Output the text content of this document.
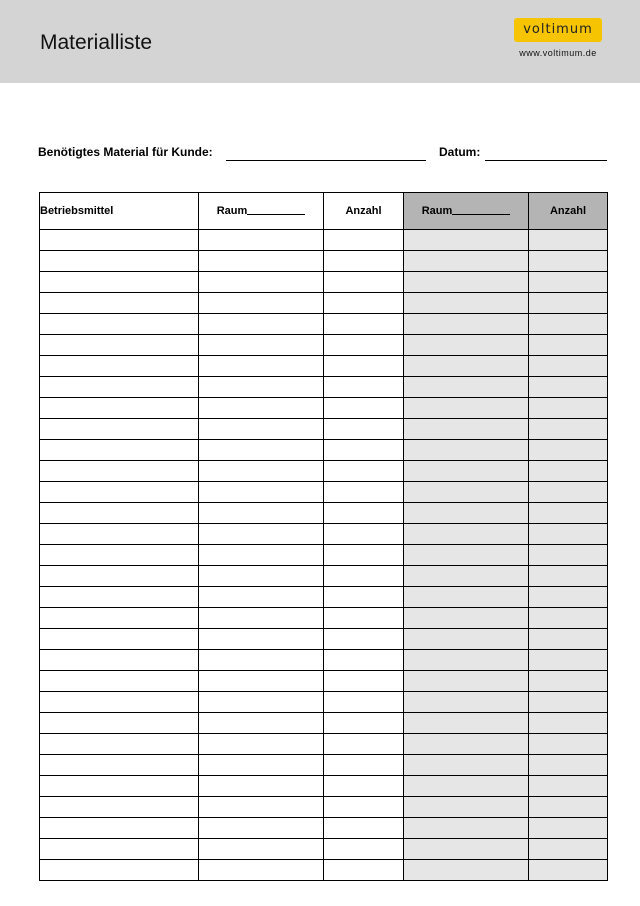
Materialliste
voltimum
www.voltimum.de
Benötigtes Material für Kunde:	Datum:
Betriebsmittel	Raum	Anzahl	Raum	Anzahl
